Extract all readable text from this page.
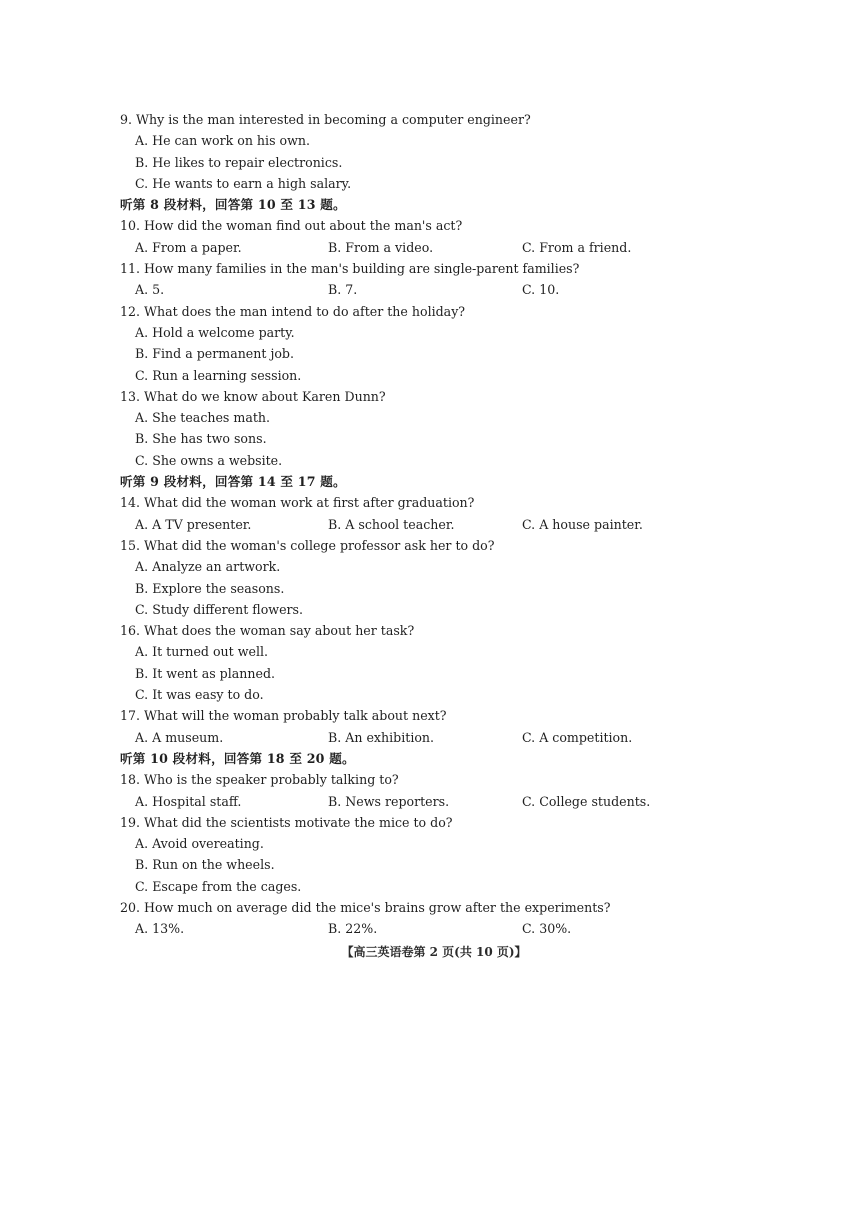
9. Why is the man interested in becoming a computer engineer?
A. He can work on his own.
B. He likes to repair electronics.
C. He wants to earn a high salary.
听第 8 段材料，回答第 10 至 13 题。
10. How did the woman find out about the man's act?
A. From a paper.	B. From a video.	C. From a friend.
11. How many families in the man's building are single-parent families?
A. 5.	B. 7.	C. 10.
12. What does the man intend to do after the holiday?
A. Hold a welcome party.
B. Find a permanent job.
C. Run a learning session.
13. What do we know about Karen Dunn?
A. She teaches math.
B. She has two sons.
C. She owns a website.
听第 9 段材料，回答第 14 至 17 题。
14. What did the woman work at first after graduation?
A. A TV presenter.	B. A school teacher.	C. A house painter.
15. What did the woman's college professor ask her to do?
A. Analyze an artwork.
B. Explore the seasons.
C. Study different flowers.
16. What does the woman say about her task?
A. It turned out well.
B. It went as planned.
C. It was easy to do.
17. What will the woman probably talk about next?
A. A museum.	B. An exhibition.	C. A competition.
听第 10 段材料，回答第 18 至 20 题。
18. Who is the speaker probably talking to?
A. Hospital staff.	B. News reporters.	C. College students.
19. What did the scientists motivate the mice to do?
A. Avoid overeating.
B. Run on the wheels.
C. Escape from the cages.
20. How much on average did the mice's brains grow after the experiments?
A. 13%.	B. 22%.	C. 30%.
【高三英语卷第 2 页(共 10 页)】
